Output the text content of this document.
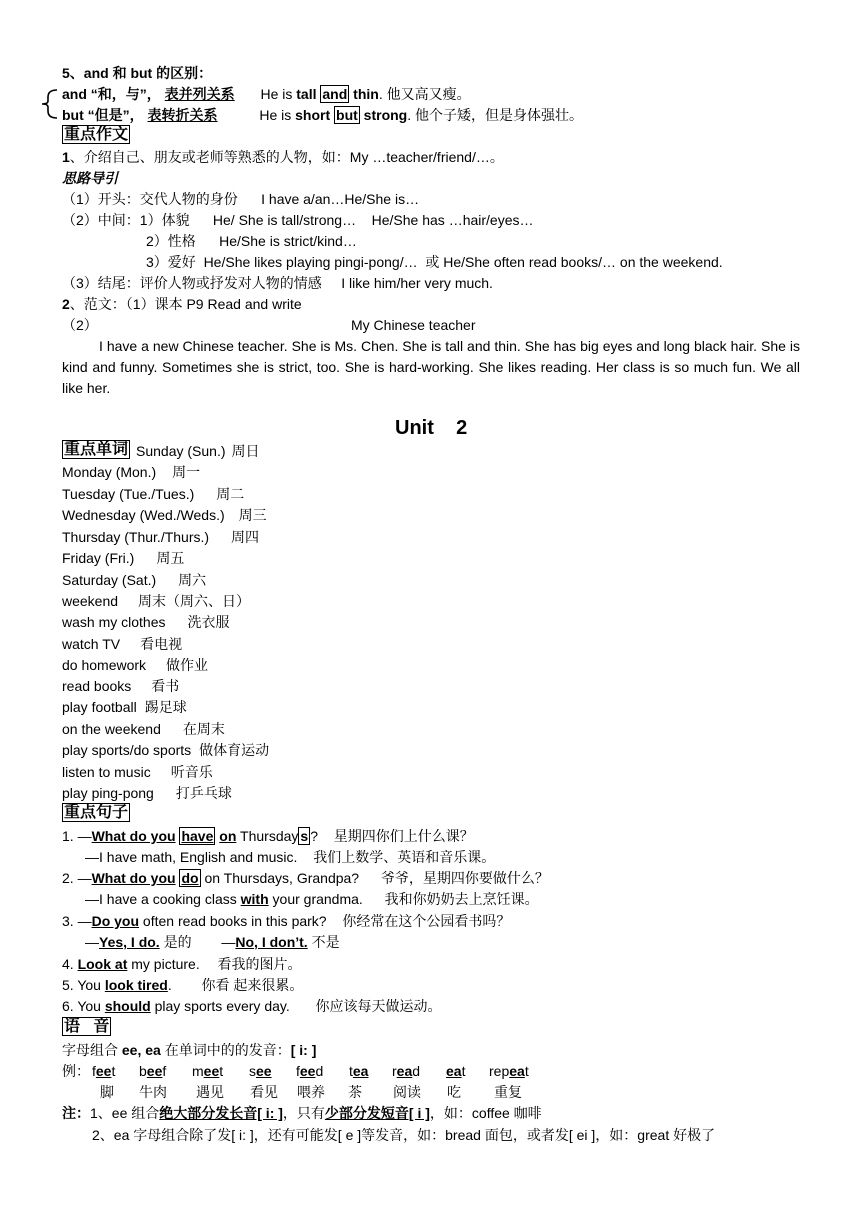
5、and 和 but 的区别：
and “和，与”， 表并列关系 He is tall and thin. 他又高又瘦。
but “但是”， 表转折关系	He is short but strong. 他个子矮，但是身体强壮。
重点作文
1、介绍自己、朋友或老师等熟悉的人物，如：My …teacher/friend/…。
思路导引
（1）开头：交代人物的身份      I have a/an…He/She is…
（2）中间：1）体貌      He/ She is tall/strong…    He/She has …hair/eyes…
2）性格      He/She is strict/kind…
3）爱好  He/She likes playing pingi-pong/…  或 He/She often read books/… on the weekend.
（3）结尾：评价人物或抒发对人物的情感     I like him/her very much.
2、范文：（1）课本 P9 Read and write
（2）	My Chinese teacher
I have a new Chinese teacher. She is Ms. Chen. She is tall and thin. She has big eyes and long black hair. She is kind and funny. Sometimes she is strict, too. She is hard-working. She likes reading. Her class is so much fun. We all like her.
Unit    2
重点单词 Sunday (Sun.) 周日
Monday (Mon.) 周一
Tuesday (Tue./Tues.) 周二
Wednesday (Wed./Weds.) 周三
Thursday (Thur./Thurs.) 周四
Friday (Fri.) 周五
Saturday (Sat.) 周六
weekend 周末（周六、日）
wash my clothes 洗衣服
watch TV 看电视
do homework 做作业
read books 看书
play football 踢足球
on the weekend 在周末
play sports/do sports 做体育运动
listen to music 听音乐
play ping-pong 打乒乓球
重点句子
1. —What do you have on Thursday s ? 星期四你们上什么课？
—I have math, English and music. 我们上数学、英语和音乐课。
2. —What do you do on Thursdays, Grandpa? 爷爷，星期四你要做什么？
—I have a cooking class with your grandma. 我和你奶奶去上烹饪课。
3. —Do you often read books in this park? 你经常在这个公园看书吗？
—Yes, I do. 是的 —No, I don’t. 不是
4. Look at my picture. 看我的图片。
5. You look tired. 你看 起来很累。
6. You should play sports every day. 你应该每天做运动。
语   音
字母组合 ee, ea 在单词中的的发音：[ i: ]
例： feet
脚
beef
牛肉
meet
遇见
see
看见
feed
喂养
tea
茶
read
阅读
eat
吃
repeat
重复
注：1、ee 组合绝大部分发长音[ i: ]，只有少部分发短音[ i ]，如：coffee 咖啡
2、ea 字母组合除了发[ i: ]，还有可能发[ e ]等发音，如：bread 面包，或者发[ ei ]，如：great 好极了
